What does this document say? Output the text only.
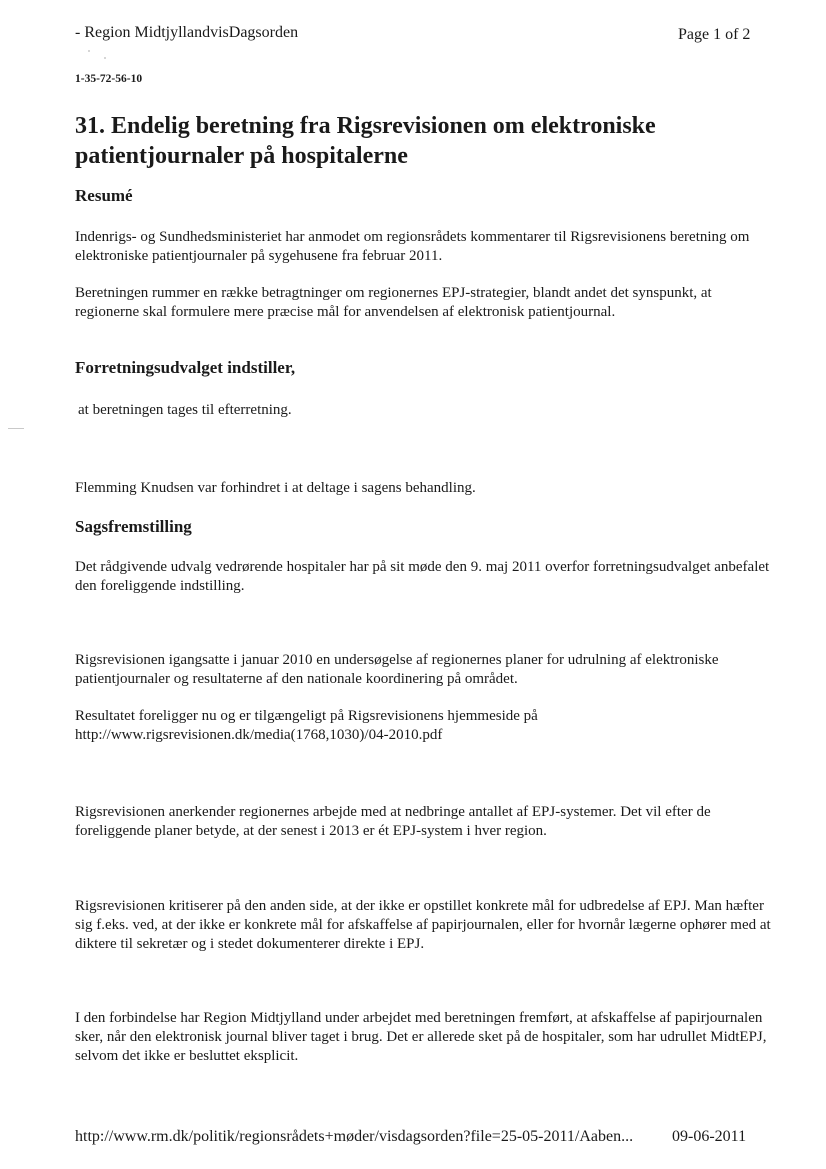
- Region MidtjyllandvisDagsorden	Page 1 of 2

1-35-72-56-10

31. Endelig beretning fra Rigsrevisionen om elektroniske patientjournaler på hospitalerne
Resumé

Indenrigs- og Sundhedsministeriet har anmodet om regionsrådets kommentarer til Rigsrevisionens beretning om elektroniske patientjournaler på sygehusene fra februar 2011.

Beretningen rummer en række betragtninger om regionernes EPJ-strategier, blandt andet det synspunkt, at regionerne skal formulere mere præcise mål for anvendelsen af elektronisk patientjournal.

Forretningsudvalget indstiller,

at beretningen tages til efterretning.

Flemming Knudsen var forhindret i at deltage i sagens behandling.

Sagsfremstilling

Det rådgivende udvalg vedrørende hospitaler har på sit møde den 9. maj 2011 overfor forretningsudvalget anbefalet den foreliggende indstilling.

Rigsrevisionen igangsatte i januar 2010 en undersøgelse af regionernes planer for udrulning af elektroniske patientjournaler og resultaterne af den nationale koordinering på området.

Resultatet foreligger nu og er tilgængeligt på Rigsrevisionens hjemmeside på http://www.rigsrevisionen.dk/media(1768,1030)/04-2010.pdf

Rigsrevisionen anerkender regionernes arbejde med at nedbringe antallet af EPJ-systemer. Det vil efter de foreliggende planer betyde, at der senest i 2013 er ét EPJ-system i hver region.

Rigsrevisionen kritiserer på den anden side, at der ikke er opstillet konkrete mål for udbredelse af EPJ. Man hæfter sig f.eks. ved, at der ikke er konkrete mål for afskaffelse af papirjournalen, eller for hvornår lægerne ophører med at diktere til sekretær og i stedet dokumenterer direkte i EPJ.

I den forbindelse har Region Midtjylland under arbejdet med beretningen fremført, at afskaffelse af papirjournalen sker, når den elektronisk journal bliver taget i brug. Det er allerede sket på de hospitaler, som har udrullet MidtEPJ, selvom det ikke er besluttet eksplicit.

http://www.rm.dk/politik/regionsrådets+møder/visdagsorden?file=25-05-2011/Aaben... 09-06-2011
